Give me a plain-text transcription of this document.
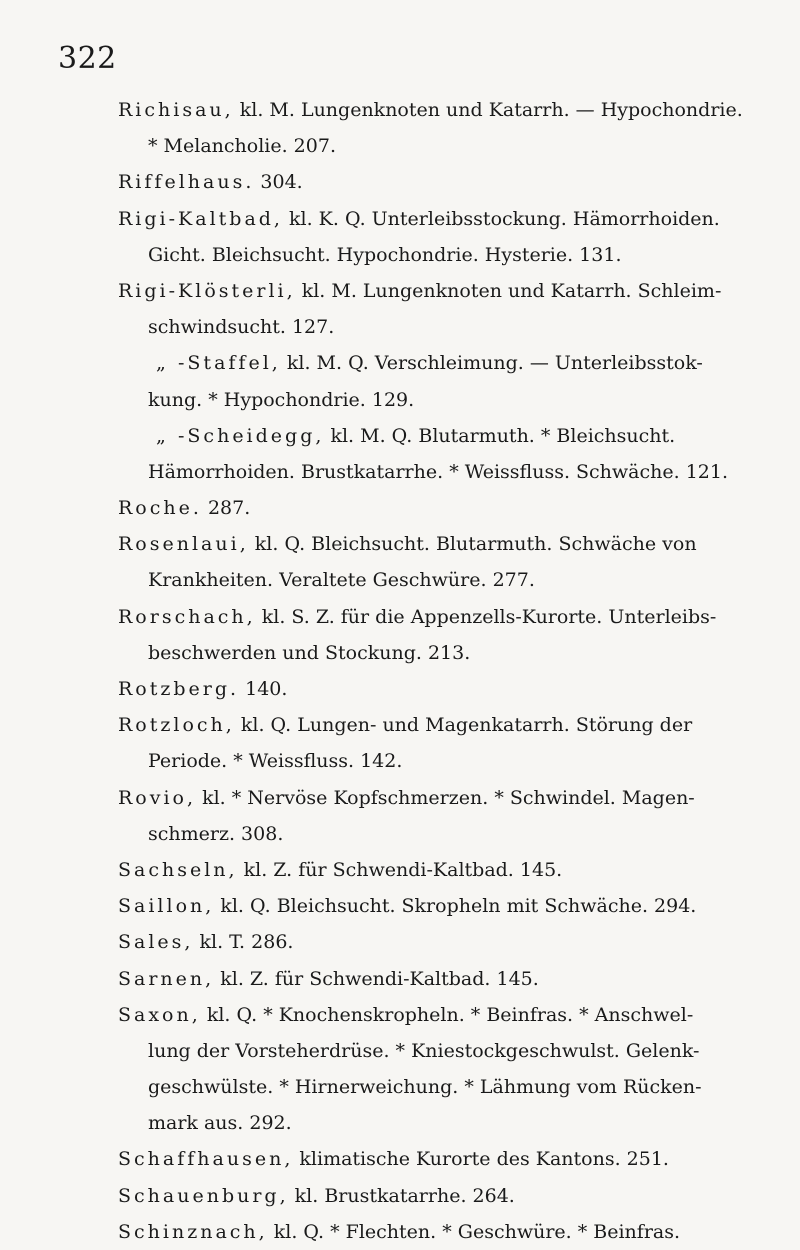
322
Richisau, kl. M. Lungenknoten und Katarrh. — Hypochondrie.
* Melancholie. 207.
Riffelhaus. 304.
Rigi-Kaltbad, kl. K. Q. Unterleibsstockung. Hämorrhoiden.
Gicht. Bleichsucht. Hypochondrie. Hysterie. 131.
Rigi-Klösterli, kl. M. Lungenknoten und Katarrh. Schleim-
schwindsucht. 127.
„ -Staffel, kl. M. Q. Verschleimung. — Unterleibsstok-
kung. * Hypochondrie. 129.
„ -Scheidegg, kl. M. Q. Blutarmuth. * Bleichsucht.
Hämorrhoiden. Brustkatarrhe. * Weissfluss. Schwäche. 121.
Roche. 287.
Rosenlaui, kl. Q. Bleichsucht. Blutarmuth. Schwäche von
Krankheiten. Veraltete Geschwüre. 277.
Rorschach, kl. S. Z. für die Appenzells-Kurorte. Unterleibs-
beschwerden und Stockung. 213.
Rotzberg. 140.
Rotzloch, kl. Q. Lungen- und Magenkatarrh. Störung der
Periode. * Weissfluss. 142.
Rovio, kl. * Nervöse Kopfschmerzen. * Schwindel. Magen-
schmerz. 308.
Sachseln, kl. Z. für Schwendi-Kaltbad. 145.
Saillon, kl. Q. Bleichsucht. Skropheln mit Schwäche. 294.
Sales, kl. T. 286.
Sarnen, kl. Z. für Schwendi-Kaltbad. 145.
Saxon, kl. Q. * Knochenskropheln. * Beinfras. * Anschwel-
lung der Vorsteherdrüse. * Kniestockgeschwulst. Gelenk-
geschwülste. * Hirnerweichung. * Lähmung vom Rücken-
mark aus. 292.
Schaffhausen, klimatische Kurorte des Kantons. 251.
Schauenburg, kl. Brustkatarrhe. 264.
Schinznach, kl. Q. * Flechten. * Geschwüre. * Beinfras.
